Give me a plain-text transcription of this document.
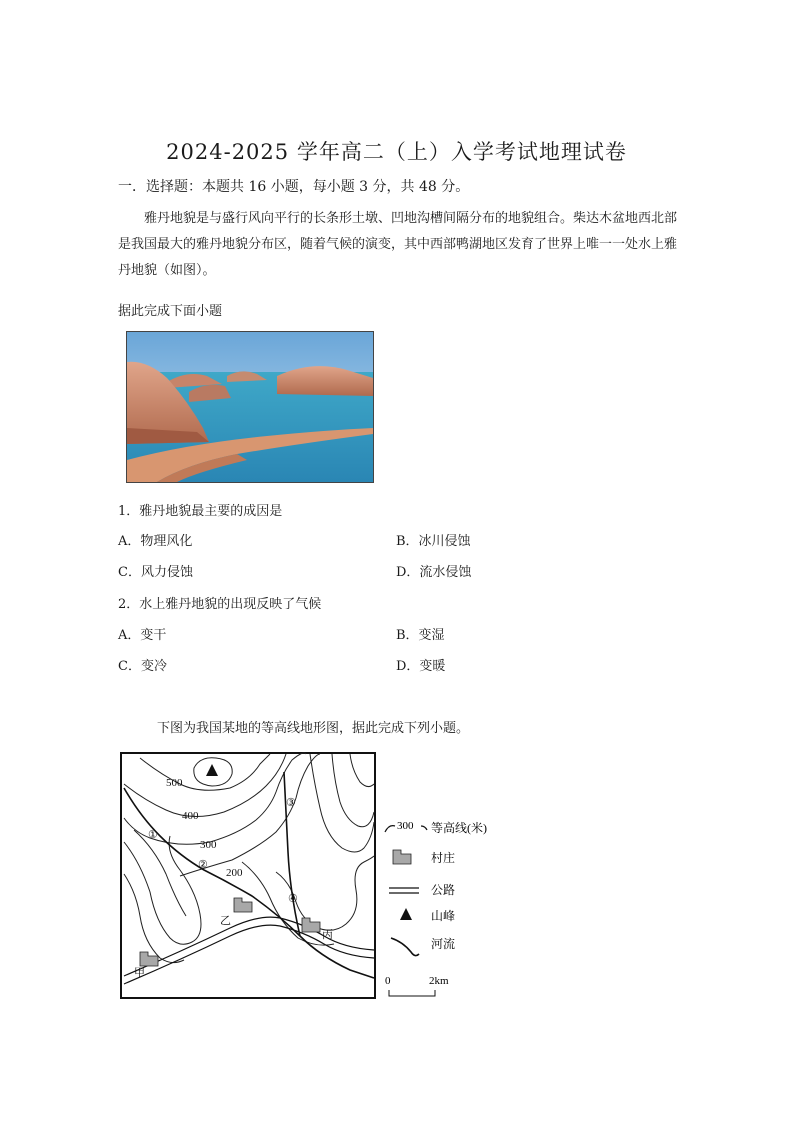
2024-2025 学年高二（上）入学考试地理试卷
一．选择题：本题共 16 小题，每小题 3 分，共 48 分。
雅丹地貌是与盛行风向平行的长条形土墩、凹地沟槽间隔分布的地貌组合。柴达木盆地西北部是我国最大的雅丹地貌分布区，随着气候的演变，其中西部鸭湖地区发育了世界上唯一一处水上雅丹地貌（如图）。
据此完成下面小题
1．雅丹地貌最主要的成因是
A．物理风化	B．冰川侵蚀
C．风力侵蚀	D．流水侵蚀
2．水上雅丹地貌的出现反映了气候
A．变干	B．变湿
C．变冷	D．变暖
下图为我国某地的等高线地形图，据此完成下列小题。
500
400
300
200
①
②
③
④
乙
丙
甲
300 等高线(米)
村庄
公路
山峰
河流
0	2km
